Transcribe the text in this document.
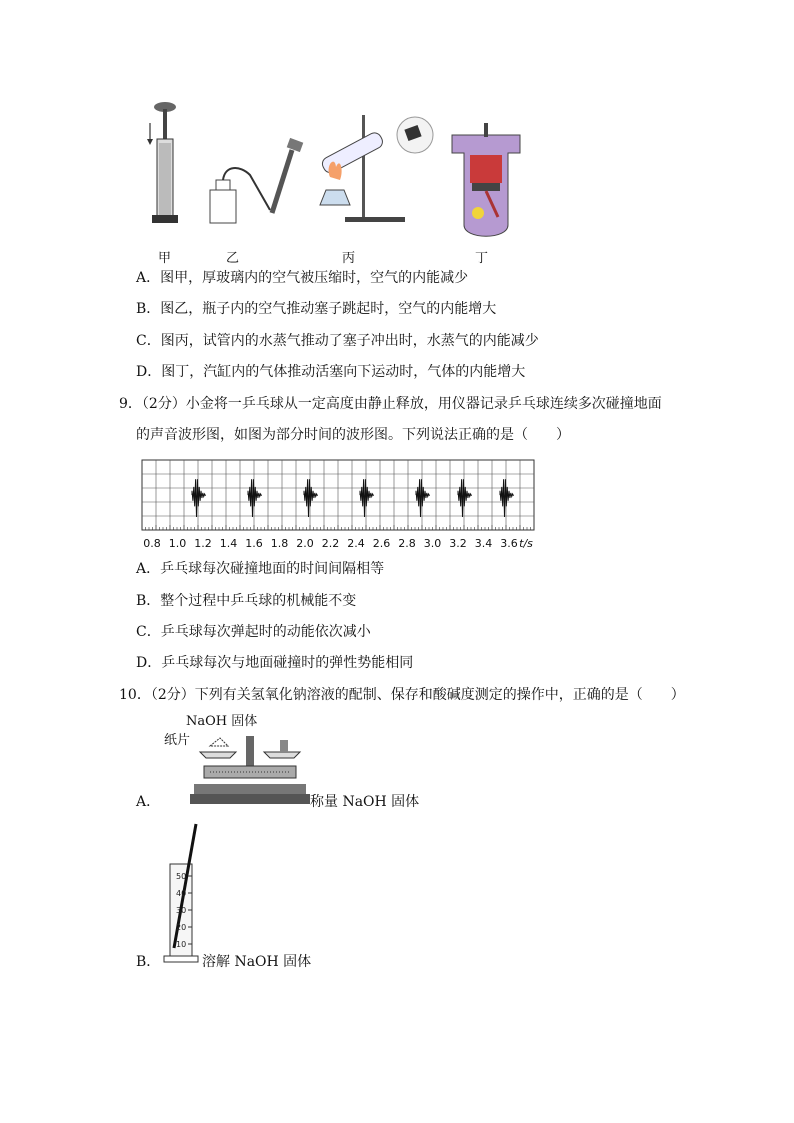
甲	乙	丙	丁
A．图甲，厚玻璃内的空气被压缩时，空气的内能减少
B．图乙，瓶子内的空气推动塞子跳起时，空气的内能增大
C．图丙，试管内的水蒸气推动了塞子冲出时，水蒸气的内能减少
D．图丁，汽缸内的气体推动活塞向下运动时，气体的内能增大
9．（2分）小金将一乒乓球从一定高度由静止释放，用仪器记录乒乓球连续多次碰撞地面
的声音波形图，如图为部分时间的波形图。下列说法正确的是（　　）
0.8 1.0 1.2 1.4 1.6 1.8 2.0 2.2 2.4 2.6 2.8 3.0 3.2 3.4 3.6 t/s
A．乒乓球每次碰撞地面的时间间隔相等
B．整个过程中乒乓球的机械能不变
C．乒乓球每次弹起时的动能依次减小
D．乒乓球每次与地面碰撞时的弹性势能相同
10．（2分）下列有关氢氧化钠溶液的配制、保存和酸碱度测定的操作中，正确的是（　　）
NaOH 固体
纸片
A．	称量 NaOH 固体
50
40
30
20
10
B．	溶解 NaOH 固体
